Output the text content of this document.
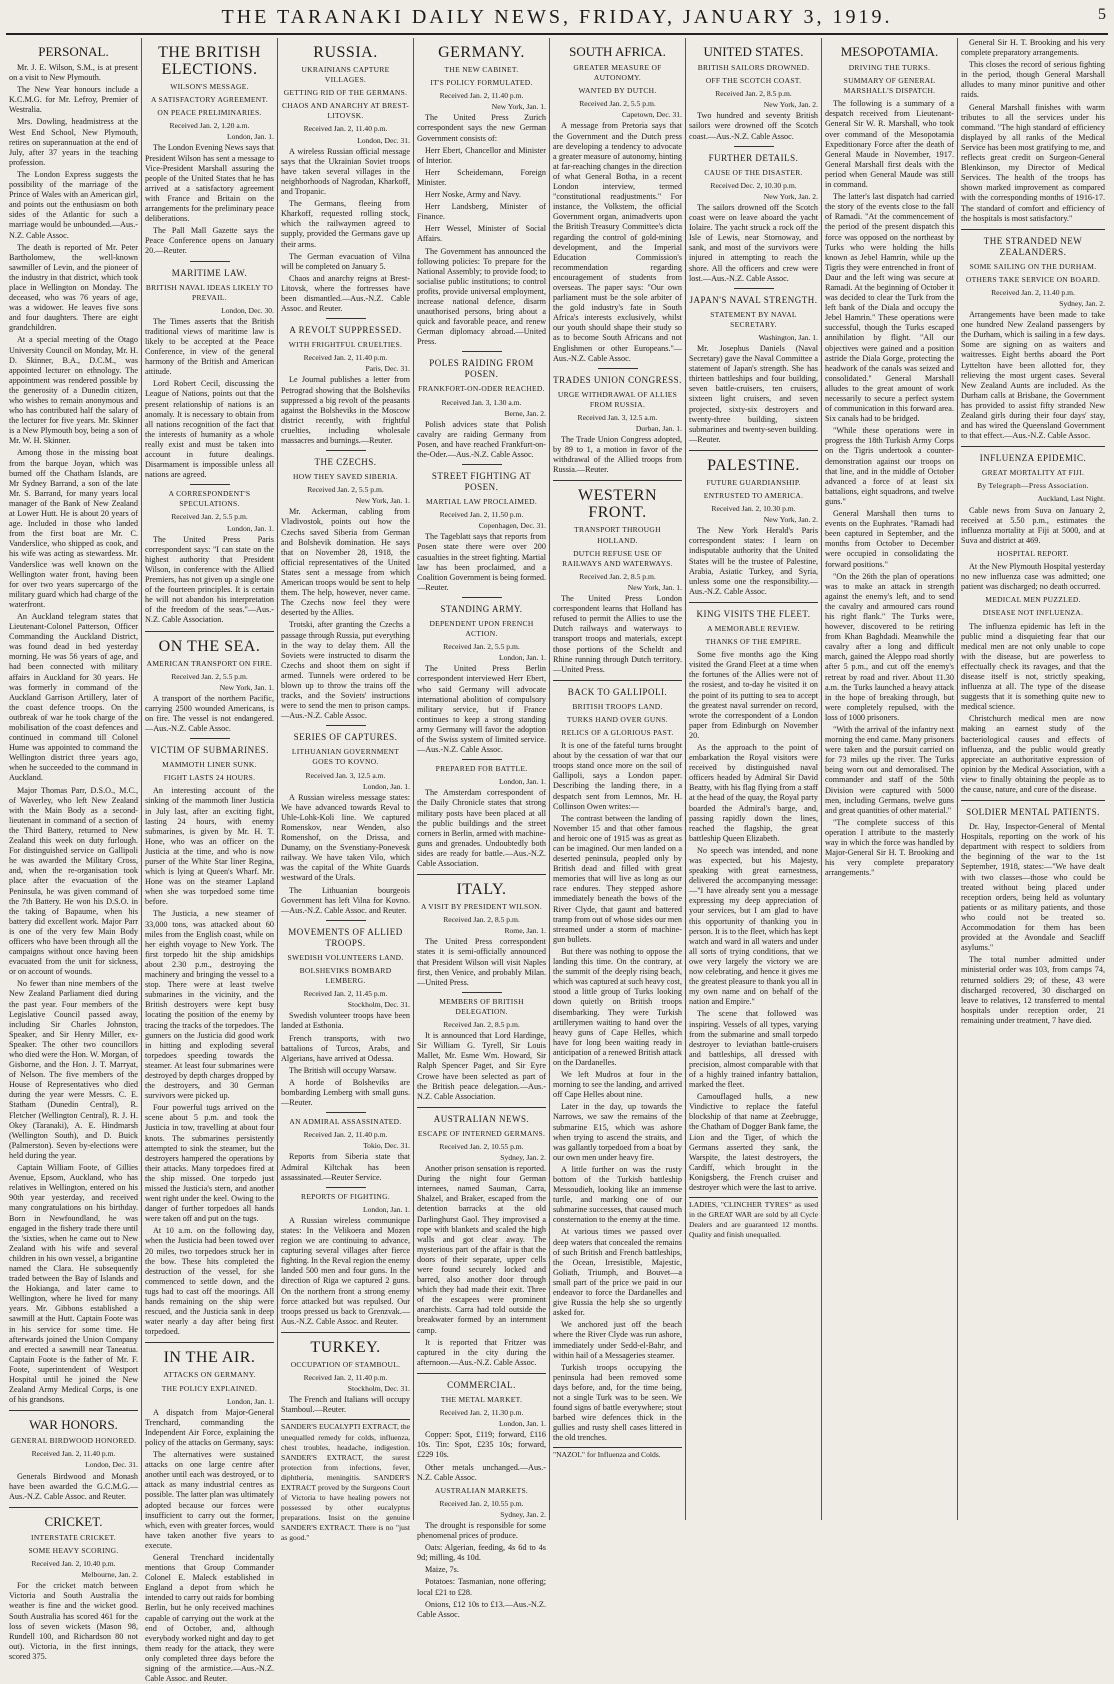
THE TARANAKI DAILY NEWS, FRIDAY, JANUARY 3, 1919.	5
PERSONAL.
Mr. J. E. Wilson, S.M., is at present on a visit to New Plymouth.
The New Year honours include a K.C.M.G. for Mr. Lefroy, Premier of Westralia.
Mrs. Dowling, headmistress at the West End School, New Plymouth, retires on superannuation at the end of July, after 37 years in the teaching profession.
The London Express suggests the possibility of the marriage of the Prince of Wales with an American girl, and points out the enthusiasm on both sides of the Atlantic for such a marriage would be unbounded.—Aus.-N.Z. Cable Assoc.
The death is reported of Mr. Peter Bartholomew, the well-known sawmiller of Levin, and the pioneer of the industry in that district, which took place in Wellington on Monday. The deceased, who was 76 years of age, was a widower. He leaves five sons and four daughters. There are eight grandchildren.
At a special meeting of the Otago University Council on Monday, Mr. H. D. Skinner, B.A., D.C.M., was appointed lecturer on ethnology. The appointment was rendered possible by the generosity of a Dunedin citizen, who wishes to remain anonymous and who has contributed half the salary of the lecturer for five years. Mr. Skinner is a New Plymouth boy, being a son of Mr. W. H. Skinner.
Among those in the missing boat from the barque Joyan, which was burned off the Chatham Islands, are Mr Sydney Barrand, a son of the late Mr. S. Barrand, for many years local manager of the Bank of New Zealand at Lower Hutt. He is about 20 years of age. Included in those who landed from the first boat are Mr. C. Vanderslice, who shipped as cook, and his wife was acting as stewardess. Mr. Vanderslice was well known on the Wellington water front, having been for over two years supercargo of the military guard which had charge of the waterfront.
An Auckland telegram states that Lieutenant-Colonel Patterson, Officer Commanding the Auckland District, was found dead in bed yesterday morning. He was 56 years of age, and had been connected with military affairs in Auckland for 30 years. He was formerly in command of the Auckland Garrison Artillery, later of the coast defence troops. On the outbreak of war he took charge of the mobilisation of the coast defences and continued in command till Colonel Hume was appointed to command the Wellington district three years ago, when he succeeded to the command in Auckland.
Major Thomas Parr, D.S.O., M.C., of Waverley, who left New Zealand with the Main Body as a second-lieutenant in command of a section of the Third Battery, returned to New Zealand this week on duty furlough. For distinguished service on Gallipoli he was awarded the Military Cross, and, when the re-organisation took place after the evacuation of the Peninsula, he was given command of the 7th Battery. He won his D.S.O. in the taking of Bapaume, when his battery did excellent work. Major Parr is one of the very few Main Body officers who have been through all the campaigns without once having been evacuated from the unit for sickness, or on account of wounds.
No fewer than nine members of the New Zealand Parliament died during the past year. Four members of the Legislative Council passed away, including Sir Charles Johnston, Speaker, and Sir Henry Miller, ex-Speaker. The other two councillors who died were the Hon. W. Morgan, of Gisborne, and the Hon. J. T. Marryat, of Nelson. The five members of the House of Representatives who died during the year were Messrs. C. E. Statham (Dunedin Central), R. Fletcher (Wellington Central), R. J. H. Okey (Taranaki), A. E. Hindmarsh (Wellington South), and D. Buick (Palmerston). Seven by-elections were held during the year.
Captain William Foote, of Gillies Avenue, Epsom, Auckland, who has relatives in Wellington, entered on his 90th year yesterday, and received many congratulations on his birthday. Born in Newfoundland, he was engaged in the fishery trade there until the 'sixties, when he came out to New Zealand with his wife and several children in his own vessel, a brigantine named the Clara. He subsequently traded between the Bay of Islands and the Hokianga, and later came to Wellington, where he lived for many years. Mr. Gibbons established a sawmill at the Hutt. Captain Foote was in his service for some time. He afterwards joined the Union Company and erected a sawmill near Taneatua. Captain Foote is the father of Mr. F. Foote, superintendent of Westport Hospital until he joined the New Zealand Army Medical Corps, is one of his grandsons.
WAR HONORS.
GENERAL BIRDWOOD HONORED.
Received Jan. 2, 11.40 p.m.
London, Dec. 31.
Generals Birdwood and Monash have been awarded the G.C.M.G.—Aus.-N.Z. Cable Assoc. and Reuter.
CRICKET.
INTERSTATE CRICKET.
SOME HEAVY SCORING.
Received Jan. 2, 10.40 p.m.
Melbourne, Jan. 2.
For the cricket match between Victoria and South Australia the weather is fine and the wicket good. South Australia has scored 461 for the loss of seven wickets (Mason 98, Rundell 100, and Richardson 80 not out). Victoria, in the first innings, scored 375.
THE BRITISH ELECTIONS.
WILSON'S MESSAGE.
A SATISFACTORY AGREEMENT.
ON PEACE PRELIMINARIES.
Received Jan. 2, 1.20 a.m.
London, Jan. 1.
The London Evening News says that President Wilson has sent a message to Vice-President Marshall assuring the people of the United States that he has arrived at a satisfactory agreement with France and Britain on the arrangements for the preliminary peace deliberations.
The Pall Mall Gazette says the Peace Conference opens on January 20.—Reuter.
MARITIME LAW.
BRITISH NAVAL IDEAS LIKELY TO PREVAIL.
London, Dec. 30.
The Times asserts that the British traditional views of maritime law is likely to be accepted at the Peace Conference, in view of the general harmony of the British and American attitude.
Lord Robert Cecil, discussing the League of Nations, points out that the present relationship of nations is an anomaly. It is necessary to obtain from all nations recognition of the fact that the interests of humanity as a whole really exist and must be taken into account in future dealings. Disarmament is impossible unless all nations are agreed.
A CORRESPONDENT'S SPECULATIONS.
Received Jan. 2, 5.5 p.m.
London, Jan. 1.
The United Press Paris correspondent says: "I can state on the highest authority that President Wilson, in conference with the Allied Premiers, has not given up a single one of the fourteen principles. It is certain he will not abandon his interpretation of the freedom of the seas."—Aus.-N.Z. Cable Association.
ON THE SEA.
AMERICAN TRANSPORT ON FIRE.
Received Jan. 2, 5.5 p.m.
New York, Jan. 1.
A transport of the northern Pacific, carrying 2500 wounded Americans, is on fire. The vessel is not endangered.—Aus.-N.Z. Cable Assoc.
VICTIM OF SUBMARINES.
MAMMOTH LINER SUNK.
FIGHT LASTS 24 HOURS.
An interesting account of the sinking of the mammoth liner Justicia in July last, after an exciting fight, lasting 24 hours, with enemy submarines, is given by Mr. H. T. Hone, who was an officer on the Justicia at the time, and who is now purser of the White Star liner Regina, which is lying at Queen's Wharf. Mr. Hone was on the steamer Lapland when she was torpedoed some time before.
The Justicia, a new steamer of 33,000 tons, was attacked about 60 miles from the English coast, while on her eighth voyage to New York. The first torpedo hit the ship amidships about 2.30 p.m., destroying the machinery and bringing the vessel to a stop. There were at least twelve submarines in the vicinity, and the British destroyers were kept busy locating the position of the enemy by tracing the tracks of the torpedoes. The gunners on the Justicia did good work in hitting and exploding several torpedoes speeding towards the steamer. At least four submarines were destroyed by depth charges dropped by the destroyers, and 30 German survivors were picked up.
Four powerful tugs arrived on the scene about 5 p.m. and took the Justicia in tow, travelling at about four knots. The submarines persistently attempted to sink the steamer, but the destroyers hampered the operations by their attacks. Many torpedoes fired at the ship missed. One torpedo just missed the Justicia's stern, and another went right under the keel. Owing to the danger of further torpedoes all hands were taken off and put on the tugs.
At 10 a.m. on the following day, when the Justicia had been towed over 20 miles, two torpedoes struck her in the bow. These hits completed the destruction of the vessel, for she commenced to settle down, and the tugs had to cast off the moorings. All hands remaining on the ship were rescued, and the Justicia sank in deep water nearly a day after being first torpedoed.
IN THE AIR.
ATTACKS ON GERMANY.
THE POLICY EXPLAINED.
London, Jan. 1.
A dispatch from Major-General Trenchard, commanding the Independent Air Force, explaining the policy of the attacks on Germany, says:
The alternatives were sustained attacks on one large centre after another until each was destroyed, or to attack as many industrial centres as possible. The latter plan was ultimately adopted because our forces were insufficient to carry out the former, which, even with greater forces, would have taken another five years to execute.
General Trenchard incidentally mentions that Group Commander Colonel E. Maleck established in England a depot from which he intended to carry out raids for bombing Berlin, but he only received machines capable of carrying out the work at the end of October, and, although everybody worked night and day to get them ready for the attack, they were only completed three days before the signing of the armistice.—Aus.-N.Z. Cable Assoc. and Reuter.
RUSSIA.
UKRAINIANS CAPTURE VILLAGES.
GETTING RID OF THE GERMANS.
CHAOS AND ANARCHY AT BREST-LITOVSK.
Received Jan. 2, 11.40 p.m.
London, Dec. 31.
A wireless Russian official message says that the Ukrainian Soviet troops have taken several villages in the neighborhoods of Nagrodan, Kharkoff, and Tropanic.
The Germans, fleeing from Kharkoff, requested rolling stock, which the railwaymen agreed to supply, provided the Germans gave up their arms.
The German evacuation of Vilna will be completed on January 5.
Chaos and anarchy reigns at Brest-Litovsk, where the fortresses have been dismantled.—Aus.-N.Z. Cable Assoc. and Reuter.
A REVOLT SUPPRESSED.
WITH FRIGHTFUL CRUELTIES.
Received Jan. 2, 11.40 p.m.
Paris, Dec. 31.
Le Journal publishes a letter from Petrograd showing that the Bolsheviks suppressed a big revolt of the peasants against the Bolsheviks in the Moscow district recently, with frightful cruelties, including wholesale massacres and burnings.—Reuter.
THE CZECHS.
HOW THEY SAVED SIBERIA.
Received Jan. 2, 5.5 p.m.
New York, Jan. 1.
Mr. Ackerman, cabling from Vladivostok, points out how the Czechs saved Siberia from German and Bolshevik domination. He says that on November 28, 1918, the official representatives of the United States sent a message from which American troops would be sent to help them. The help, however, never came. The Czechs now feel they were deserted by the Allies.
Trotski, after granting the Czechs a passage through Russia, put everything in the way to delay them. All the Soviets were instructed to disarm the Czechs and shoot them on sight if armed. Tunnels were ordered to be blown up to throw the trains off the tracks, and the Soviets' instructions were to send the men to prison camps.—Aus.-N.Z. Cable Assoc.
SERIES OF CAPTURES.
LITHUANIAN GOVERNMENT GOES TO KOVNO.
Received Jan. 3, 12.5 a.m.
London, Jan. 1.
A Russian wireless message states: We have advanced towards Reval to Uhle-Lohk-Koli line. We captured Romenskov, near Wenden, also Romenshof, on the Drissa, and Dunamy, on the Svenstiany-Ponevesk railway. We have taken Vilo, which was the capital of the White Guards westward of the Urals.
The Lithuanian bourgeois Government has left Vilna for Kovno.—Aus.-N.Z. Cable Assoc. and Reuter.
MOVEMENTS OF ALLIED TROOPS.
SWEDISH VOLUNTEERS LAND.
BOLSHEVIKS BOMBARD LEMBERG.
Received Jan. 2, 11.45 p.m.
Stockholm, Dec. 31.
Swedish volunteer troops have been landed at Esthonia.
French transports, with two battalions of Turcos, Arabs, and Algerians, have arrived at Odessa.
The British will occupy Warsaw.
A horde of Bolsheviks are bombarding Lemberg with small guns.—Reuter.
AN ADMIRAL ASSASSINATED.
Received Jan. 2, 11.40 p.m.
Tokio, Dec. 31.
Reports from Siberia state that Admiral Kiltchak has been assassinated.—Reuter Service.
REPORTS OF FIGHTING.
London, Jan. 1.
A Russian wireless communique states: In the Velikoera and Mozen region we are continuing to advance, capturing several villages after fierce fighting. In the Reval region the enemy landed 500 men and four guns. In the direction of Riga we captured 2 guns. On the northern front a strong enemy force attacked but was repulsed. Our troops pressed us back to Grenzvak.—Aus.-N.Z. Cable Assoc. and Reuter.
TURKEY.
OCCUPATION OF STAMBOUL.
Received Jan. 2, 11.40 p.m.
Stockholm, Dec. 31.
The French and Italians will occupy Stamboul.—Reuter.
SANDER'S EUCALYPTI EXTRACT, the unequalled remedy for colds, influenza, chest troubles, headache, indigestion. SANDER'S EXTRACT, the surest protection from infections, fever, diphtheria, meningitis. SANDER'S EXTRACT proved by the Surgeons Court of Victoria to have healing powers not possessed by other eucalyptus preparations. Insist on the genuine SANDER'S EXTRACT. There is no "just as good."
GERMANY.
THE NEW CABINET.
IT'S POLICY FORMULATED.
Received Jan. 2, 11.40 p.m.
New York, Jan. 1.
The United Press Zurich correspondent says the new German Government consists of:
Herr Ebert, Chancellor and Minister of Interior.
Herr Scheidemann, Foreign Minister.
Herr Noske, Army and Navy.
Herr Landsberg, Minister of Finance.
Herr Wessel, Minister of Social Affairs.
The Government has announced the following policies: To prepare for the National Assembly; to provide food; to socialise public institutions; to control profits, provide universal employment, increase national defence, disarm unauthorised persons, bring about a quick and favorable peace, and renew German diplomacy abroad.—United Press.
POLES RAIDING FROM POSEN.
FRANKFORT-ON-ODER REACHED.
Received Jan. 3, 1.30 a.m.
Berne, Jan. 2.
Polish advices state that Polish cavalry are raiding Germany from Posen, and have reached Frankfurt-on-the-Oder.—Aus.-N.Z. Cable Assoc.
STREET FIGHTING AT POSEN.
MARTIAL LAW PROCLAIMED.
Received Jan. 2, 11.50 p.m.
Copenhagen, Dec. 31.
The Tageblatt says that reports from Posen state there were over 200 casualties in the street fighting. Martial law has been proclaimed, and a Coalition Government is being formed.—Reuter.
STANDING ARMY.
DEPENDENT UPON FRENCH ACTION.
Received Jan. 2, 5.5 p.m.
London, Jan. 1.
The United Press Berlin correspondent interviewed Herr Ebert, who said Germany will advocate international abolition of compulsory military service, but if France continues to keep a strong standing army Germany will favor the adoption of the Swiss system of limited service.—Aus.-N.Z. Cable Assoc.
PREPARED FOR BATTLE.
London, Jan. 1.
The Amsterdam correspondent of the Daily Chronicle states that strong military posts have been placed at all the public buildings and the street corners in Berlin, armed with machine-guns and grenades. Undoubtedly both sides are ready for battle.—Aus.-N.Z. Cable Association.
ITALY.
A VISIT BY PRESIDENT WILSON.
Received Jan. 2, 8.5 p.m.
Rome, Jan. 1.
The United Press correspondent states it is semi-officially announced that President Wilson will visit Naples first, then Venice, and probably Milan.—United Press.
MEMBERS OF BRITISH DELEGATION.
Received Jan. 2, 8.5 p.m.
It is announced that Lord Hardinge, Sir William G. Tyrell, Sir Louis Mallet, Mr. Esme Wm. Howard, Sir Ralph Spencer Paget, and Sir Eyre Crowe have been selected as part of the British peace delegation.—Aus.-N.Z. Cable Association.
AUSTRALIAN NEWS.
ESCAPE OF INTERNED GERMANS.
Received Jan. 2, 10.55 p.m.
Sydney, Jan. 2.
Another prison sensation is reported. During the night four German internees, named Sauman, Carra, Shalzel, and Braker, escaped from the detention barracks at the old Darlinghurst Gaol. They improvised a rope with blankets and scaled the high walls and got clear away. The mysterious part of the affair is that the doors of their separate, upper cells were found securely locked and barred, also another door through which they had made their exit. Three of the escapees were prominent anarchists. Carra had told outside the breakwater formed by an internment camp.
It is reported that Fritzer was captured in the city during the afternoon.—Aus.-N.Z. Cable Assoc.
COMMERCIAL.
THE METAL MARKET.
Received Jan. 2, 11.30 p.m.
London, Jan. 1.
Copper: Spot, £119; forward, £116 10s. Tin: Spot, £235 10s; forward, £229 10s.
Other metals unchanged.—Aus.-N.Z. Cable Assoc.
AUSTRALIAN MARKETS.
Received Jan. 2, 10.55 p.m.
Sydney, Jan. 2.
The drought is responsible for some phenomenal prices of produce.
Oats: Algerian, feeding, 4s 6d to 4s 9d; milling, 4s 10d.
Maize, 7s.
Potatoes: Tasmanian, none offering; local £21 to £28.
Onions, £12 10s to £13.—Aus.-N.Z. Cable Assoc.
SOUTH AFRICA.
GREATER MEASURE OF AUTONOMY.
WANTED BY DUTCH.
Received Jan. 2, 5.5 p.m.
Capetown, Dec. 31.
A message from Pretoria says that the Government and the Dutch press are developing a tendency to advocate a greater measure of autonomy, hinting at far-reaching changes in the direction of what General Botha, in a recent London interview, termed "constitutional readjustments." For instance, the Volkstem, the official Government organ, animadverts upon the British Treasury Committee's dicta regarding the control of gold-mining development, and the Imperial Education Commission's recommendation regarding encouragement of students from overseas. The paper says: "Our own parliament must be the sole arbiter of the gold industry's fate in South Africa's interests exclusively, whilst our youth should shape their study so as to become South Africans and not Englishmen or other Europeans."—Aus.-N.Z. Cable Assoc.
TRADES UNION CONGRESS.
URGE WITHDRAWAL OF ALLIES FROM RUSSIA.
Received Jan. 3, 12.5 a.m.
Durban, Jan. 1.
The Trade Union Congress adopted, by 89 to 1, a motion in favor of the withdrawal of the Allied troops from Russia.—Reuter.
WESTERN FRONT.
TRANSPORT THROUGH HOLLAND.
DUTCH REFUSE USE OF RAILWAYS AND WATERWAYS.
Received Jan. 2, 8.5 p.m.
New York, Jan. 1.
The United Press London correspondent learns that Holland has refused to permit the Allies to use the Dutch railways and waterways to transport troops and materials, except those portions of the Scheldt and Rhine running through Dutch territory.—United Press.
BACK TO GALLIPOLI.
BRITISH TROOPS LAND.
TURKS HAND OVER GUNS.
RELICS OF A GLORIOUS PAST.
It is one of the fateful turns brought about by the cessation of war that our troops stand once more on the soil of Gallipoli, says a London paper. Describing the landing there, in a despatch sent from Lemnos, Mr. H. Collinson Owen writes:—
The contrast between the landing of November 15 and that other famous and heroic one of 1915 was as great as can be imagined. Our men landed on a deserted peninsula, peopled only by British dead and filled with great memories that will live as long as our race endures. They stepped ashore immediately beneath the bows of the River Clyde, that gaunt and battered tramp from out of whose sides our men streamed under a storm of machine-gun bullets.
But there was nothing to oppose the landing this time. On the contrary, at the summit of the deeply rising beach, which was captured at such heavy cost, stood a little group of Turks looking down quietly on British troops disembarking. They were Turkish artillerymen waiting to hand over the heavy guns of Cape Helles, which have for long been waiting ready in anticipation of a renewed British attack on the Dardanelles.
We left Mudros at four in the morning to see the landing, and arrived off Cape Helles about nine.
Later in the day, up towards the Narrows, we saw the remains of the submarine E15, which was ashore when trying to ascend the straits, and was gallantly torpedoed from a boat by our own men under heavy fire.
A little further on was the rusty bottom of the Turkish battleship Messoudieh, looking like an immense turtle, and marking one of our submarine successes, that caused much consternation to the enemy at the time.
At various times we passed over deep waters that concealed the remains of such British and French battleships, the Ocean, Irresistible, Majestic, Goliath, Triumph, and Bouvet—a small part of the price we paid in our endeavor to force the Dardanelles and give Russia the help she so urgently asked for.
We anchored just off the beach where the River Clyde was run ashore, immediately under Sedd-el-Bahr, and within hail of a Messageries steamer.
Turkish troops occupying the peninsula had been removed some days before, and, for the time being, not a single Turk was to be seen. We found signs of battle everywhere; stout barbed wire defences thick in the gullies and rusty shell cases littered in the old trenches.
"NAZOL" for Influenza and Colds.
UNITED STATES.
BRITISH SAILORS DROWNED.
OFF THE SCOTCH COAST.
Received Jan. 2, 8.5 p.m.
New York, Jan. 2.
Two hundred and seventy British sailors were drowned off the Scotch coast.—Aus.-N.Z. Cable Assoc.
FURTHER DETAILS.
CAUSE OF THE DISASTER.
Received Dec. 2, 10.30 p.m.
New York, Jan. 2.
The sailors drowned off the Scotch coast were on leave aboard the yacht Iolaire. The yacht struck a rock off the Isle of Lewis, near Stornoway, and sank, and most of the survivors were injured in attempting to reach the shore. All the officers and crew were lost.—Aus.-N.Z. Cable Assoc.
JAPAN'S NAVAL STRENGTH.
STATEMENT BY NAVAL SECRETARY.
Washington, Jan. 1.
Mr. Josephus Daniels (Naval Secretary) gave the Naval Committee a statement of Japan's strength. She has thirteen battleships and four building, seven battle-cruisers, ten cruisers, sixteen light cruisers, and seven projected, sixty-six destroyers and twenty-three building, sixteen submarines and twenty-seven building.—Reuter.
PALESTINE.
FUTURE GUARDIANSHIP.
ENTRUSTED TO AMERICA.
Received Jan. 2, 10.30 p.m.
New York, Jan. 2.
The New York Herald's Paris correspondent states: I learn on indisputable authority that the United States will be the trustee of Palestine, Arabia, Asiatic Turkey, and Syria, unless some one the responsibility.—Aus.-N.Z. Cable Assoc.
KING VISITS THE FLEET.
A MEMORABLE REVIEW.
THANKS OF THE EMPIRE.
Some five months ago the King visited the Grand Fleet at a time when the fortunes of the Allies were not of the rosiest, and to-day he visited it on the point of its putting to sea to accept the greatest naval surrender on record, wrote the correspondent of a London paper from Edinburgh on November 20.
As the approach to the point of embarkation the Royal visitors were received by distinguished naval officers headed by Admiral Sir David Beatty, with his flag flying from a staff at the head of the quay, the Royal party boarded the Admiral's barge, and, passing rapidly down the lines, reached the flagship, the great battleship Queen Elizabeth.
No speech was intended, and none was expected, but his Majesty, speaking with great earnestness, delivered the accompanying message:—"I have already sent you a message expressing my deep appreciation of your services, but I am glad to have this opportunity of thanking you in person. It is to the fleet, which has kept watch and ward in all waters and under all sorts of trying conditions, that we owe very largely the victory we are now celebrating, and hence it gives me the greatest pleasure to thank you all in my own name and on behalf of the nation and Empire."
The scene that followed was inspiring. Vessels of all types, varying from the submarine and small torpedo destroyer to leviathan battle-cruisers and battleships, all dressed with precision, almost comparable with that of a highly trained infantry battalion, marked the fleet.
Camouflaged hulls, a new Vindictive to replace the fateful blockship of that name at Zeebrugge, the Chatham of Dogger Bank fame, the Lion and the Tiger, of which the Germans asserted they sank, the Warspite, the latest destroyers, the Cardiff, which brought in the Konigsberg, the French cruiser and destroyer which were the last to arrive.
LADIES, "CLINCHER TYRES" as used in the GREAT WAR are sold by all Cycle Dealers and are guaranteed 12 months. Quality and finish unequalled.
MESOPOTAMIA.
DRIVING THE TURKS.
SUMMARY OF GENERAL MARSHALL'S DISPATCH.
The following is a summary of a despatch received from Lieutenant-General Sir W. R. Marshall, who took over command of the Mesopotamia Expeditionary Force after the death of General Maude in November, 1917. General Marshall first deals with the period when General Maude was still in command.
The latter's last dispatch had carried the story of the events close to the fall of Ramadi. "At the commencement of the period of the present dispatch this force was opposed on the northeast by Turks who were holding the hills known as Jebel Hamrin, while up the Tigris they were entrenched in front of Daur and the left wing was secure at Ramadi. At the beginning of October it was decided to clear the Turk from the left bank of the Diala and occupy the Jebel Hamrin." These operations were successful, though the Turks escaped annihilation by flight. "All our objectives were gained and a position astride the Diala Gorge, protecting the headwork of the canals was seized and consolidated." General Marshall alludes to the great amount of work necessarily to secure a perfect system of communication in this forward area. Six canals had to be bridged.
"While these operations were in progress the 18th Turkish Army Corps on the Tigris undertook a counter-demonstration against our troops on that line, and in the middle of October advanced a force of at least six battalions, eight squadrons, and twelve guns."
General Marshall then turns to events on the Euphrates. "Ramadi had been captured in September, and the months from October to December were occupied in consolidating the forward positions."
"On the 26th the plan of operations was to make an attack in strength against the enemy's left, and to send the cavalry and armoured cars round his right flank." The Turks were, however, discovered to be retiring from Khan Baghdadi. Meanwhile the cavalry after a long and difficult march, gained the Aleppo road shortly after 5 p.m., and cut off the enemy's retreat by road and river. About 11.30 a.m. the Turks launched a heavy attack in the hope of breaking through, but were completely repulsed, with the loss of 1000 prisoners.
"With the arrival of the infantry next morning the end came. Many prisoners were taken and the pursuit carried on for 73 miles up the river. The Turks being worn out and demoralised. The commander and staff of the 50th Division were captured with 5000 men, including Germans, twelve guns and great quantities of other material."
"The complete success of this operation I attribute to the masterly way in which the force was handled by Major-General Sir H. T. Brooking and his very complete preparatory arrangements."
General Sir H. T. Brooking and his very complete preparatory arrangements.
This closes the record of serious fighting in the period, though General Marshall alludes to many minor punitive and other raids.
General Marshall finishes with warm tributes to all the services under his command. "The high standard of efficiency displayed by all ranks of the Medical Service has been most gratifying to me, and reflects great credit on Surgeon-General Blenkinson, my Director of Medical Services. The health of the troops has shown marked improvement as compared with the corresponding months of 1916-17. The standard of comfort and efficiency of the hospitals is most satisfactory."
THE STRANDED NEW ZEALANDERS.
SOME SAILING ON THE DURHAM.
OTHERS TAKE SERVICE ON BOARD.
Received Jan. 2, 11.40 p.m.
Sydney, Jan. 2.
Arrangements have been made to take one hundred New Zealand passengers by the Durham, which is sailing in a few days. Some are signing on as waiters and waitresses. Eight berths aboard the Port Lyttelton have been allotted for, they relieving the most urgent cases. Several New Zealand Aunts are included. As the Durham calls at Brisbane, the Government has provided to assist fifty stranded New Zealand girls during their four days' stay, and has wired the Queensland Government to that effect.—Aus.-N.Z. Cable Assoc.
INFLUENZA EPIDEMIC.
GREAT MORTALITY AT FIJI.
By Telegraph—Press Association.
Auckland, Last Night.
Cable news from Suva on January 2, received at 5.50 p.m., estimates the influenza mortality at Fiji at 5000, and at Suva and district at 469.
HOSPITAL REPORT.
At the New Plymouth Hospital yesterday no new influenza case was admitted; one patient was discharged; no death occurred.
MEDICAL MEN PUZZLED.
DISEASE NOT INFLUENZA.
The influenza epidemic has left in the public mind a disquieting fear that our medical men are not only unable to cope with the disease, but are powerless to effectually check its ravages, and that the disease itself is not, strictly speaking, influenza at all. The type of the disease suggests that it is something quite new to medical science.
Christchurch medical men are now making an earnest study of the bacteriological causes and effects of influenza, and the public would greatly appreciate an authoritative expression of opinion by the Medical Association, with a view to finally obtaining the people as to the cause, nature, and cure of the disease.
SOLDIER MENTAL PATIENTS.
Dr. Hay, Inspector-General of Mental Hospitals, reporting on the work of his department with respect to soldiers from the beginning of the war to the 1st September, 1918, states:—"We have dealt with two classes—those who could be treated without being placed under reception orders, being held as voluntary patients or as military patients, and those who could not be treated so. Accommodation for them has been provided at the Avondale and Seacliff asylums."
The total number admitted under ministerial order was 103, from camps 74, returned soldiers 29; of these, 43 were discharged recovered, 30 discharged on leave to relatives, 12 transferred to mental hospitals under reception order, 21 remaining under treatment, 7 have died.
